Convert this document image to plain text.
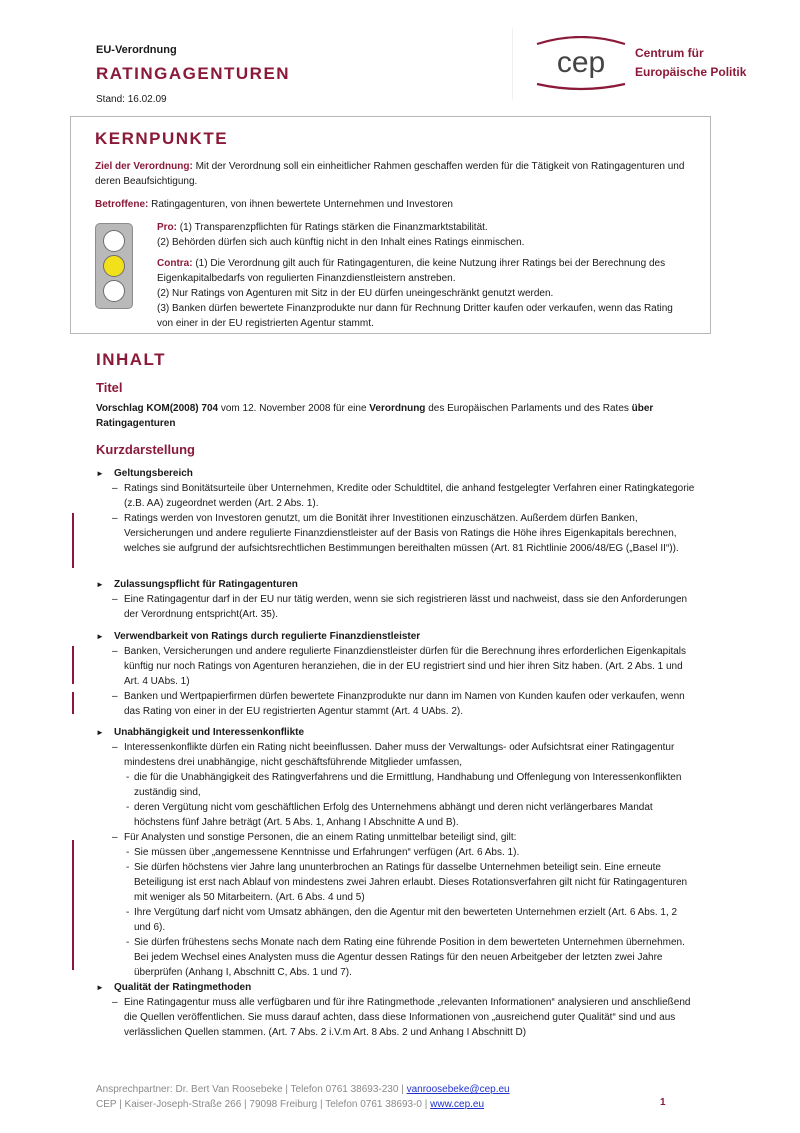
EU-Verordnung
RATINGAGENTUREN
Stand: 16.02.09
cep Centrum für
Europäische Politik
KERNPUNKTE
Ziel der Verordnung: Mit der Verordnung soll ein einheitlicher Rahmen geschaffen werden für die Tätigkeit von Ratingagenturen und deren Beaufsichtigung.
Betroffene: Ratingagenturen, von ihnen bewertete Unternehmen und Investoren
Pro: (1) Transparenzpflichten für Ratings stärken die Finanzmarktstabilität.
(2) Behörden dürfen sich auch künftig nicht in den Inhalt eines Ratings einmischen.
Contra: (1) Die Verordnung gilt auch für Ratingagenturen, die keine Nutzung ihrer Ratings bei der Berechnung des Eigenkapitalbedarfs von regulierten Finanzdienstleistern anstreben.
(2) Nur Ratings von Agenturen mit Sitz in der EU dürfen uneingeschränkt genutzt werden.
(3) Banken dürfen bewertete Finanzprodukte nur dann für Rechnung Dritter kaufen oder verkaufen, wenn das Rating von einer in der EU registrierten Agentur stammt.
INHALT
Titel
Vorschlag KOM(2008) 704 vom 12. November 2008 für eine Verordnung des Europäischen Parlaments und des Rates über Ratingagenturen
Kurzdarstellung
► Geltungsbereich
– Ratings sind Bonitätsurteile über Unternehmen, Kredite oder Schuldtitel, die anhand festgelegter Verfahren einer Ratingkategorie (z.B. AA) zugeordnet werden (Art. 2 Abs. 1).
– Ratings werden von Investoren genutzt, um die Bonität ihrer Investitionen einzuschätzen. Außerdem dürfen Banken, Versicherungen und andere regulierte Finanzdienstleister auf der Basis von Ratings die Höhe ihres Eigenkapitals berechnen, welches sie aufgrund der aufsichtsrechtlichen Bestimmungen bereithalten müssen (Art. 81 Richtlinie 2006/48/EG („Basel II“)).
► Zulassungspflicht für Ratingagenturen
– Eine Ratingagentur darf in der EU nur tätig werden, wenn sie sich registrieren lässt und nachweist, dass sie den Anforderungen der Verordnung entspricht(Art. 35).
► Verwendbarkeit von Ratings durch regulierte Finanzdienstleister
– Banken, Versicherungen und andere regulierte Finanzdienstleister dürfen für die Berechnung ihres erforderlichen Eigenkapitals künftig nur noch Ratings von Agenturen heranziehen, die in der EU registriert sind und hier ihren Sitz haben. (Art. 2 Abs. 1 und Art. 4 UAbs. 1)
– Banken und Wertpapierfirmen dürfen bewertete Finanzprodukte nur dann im Namen von Kunden kaufen oder verkaufen, wenn das Rating von einer in der EU registrierten Agentur stammt (Art. 4 UAbs. 2).
► Unabhängigkeit und Interessenkonflikte
– Interessenkonflikte dürfen ein Rating nicht beeinflussen. Daher muss der Verwaltungs- oder Aufsichtsrat einer Ratingagentur mindestens drei unabhängige, nicht geschäftsführende Mitglieder umfassen,
- die für die Unabhängigkeit des Ratingverfahrens und die Ermittlung, Handhabung und Offenlegung von Interessenkonflikten zuständig sind,
- deren Vergütung nicht vom geschäftlichen Erfolg des Unternehmens abhängt und deren nicht verlängerbares Mandat höchstens fünf Jahre beträgt (Art. 5 Abs. 1, Anhang I Abschnitte A und B).
– Für Analysten und sonstige Personen, die an einem Rating unmittelbar beteiligt sind, gilt:
- Sie müssen über „angemessene Kenntnisse und Erfahrungen“ verfügen (Art. 6 Abs. 1).
- Sie dürfen höchstens vier Jahre lang ununterbrochen an Ratings für dasselbe Unternehmen beteiligt sein. Eine erneute Beteiligung ist erst nach Ablauf von mindestens zwei Jahren erlaubt. Dieses Rotationsverfahren gilt nicht für Ratingagenturen mit weniger als 50 Mitarbeitern. (Art. 6 Abs. 4 und 5)
- Ihre Vergütung darf nicht vom Umsatz abhängen, den die Agentur mit den bewerteten Unternehmen erzielt (Art. 6 Abs. 1, 2 und 6).
- Sie dürfen frühestens sechs Monate nach dem Rating eine führende Position in dem bewerteten Unternehmen übernehmen. Bei jedem Wechsel eines Analysten muss die Agentur dessen Ratings für den neuen Arbeitgeber der letzten zwei Jahre überprüfen (Anhang I, Abschnitt C, Abs. 1 und 7).
► Qualität der Ratingmethoden
– Eine Ratingagentur muss alle verfügbaren und für ihre Ratingmethode „relevanten Informationen“ analysieren und anschließend die Quellen veröffentlichen. Sie muss darauf achten, dass diese Informationen von „ausreichend guter Qualität“ sind und aus verlässlichen Quellen stammen. (Art. 7 Abs. 2 i.V.m Art. 8 Abs. 2 und Anhang I Abschnitt D)
Ansprechpartner: Dr. Bert Van Roosebeke | Telefon 0761 38693-230 | vanroosebeke@cep.eu
CEP | Kaiser-Joseph-Straße 266 | 79098 Freiburg | Telefon 0761 38693-0 | www.cep.eu	1
